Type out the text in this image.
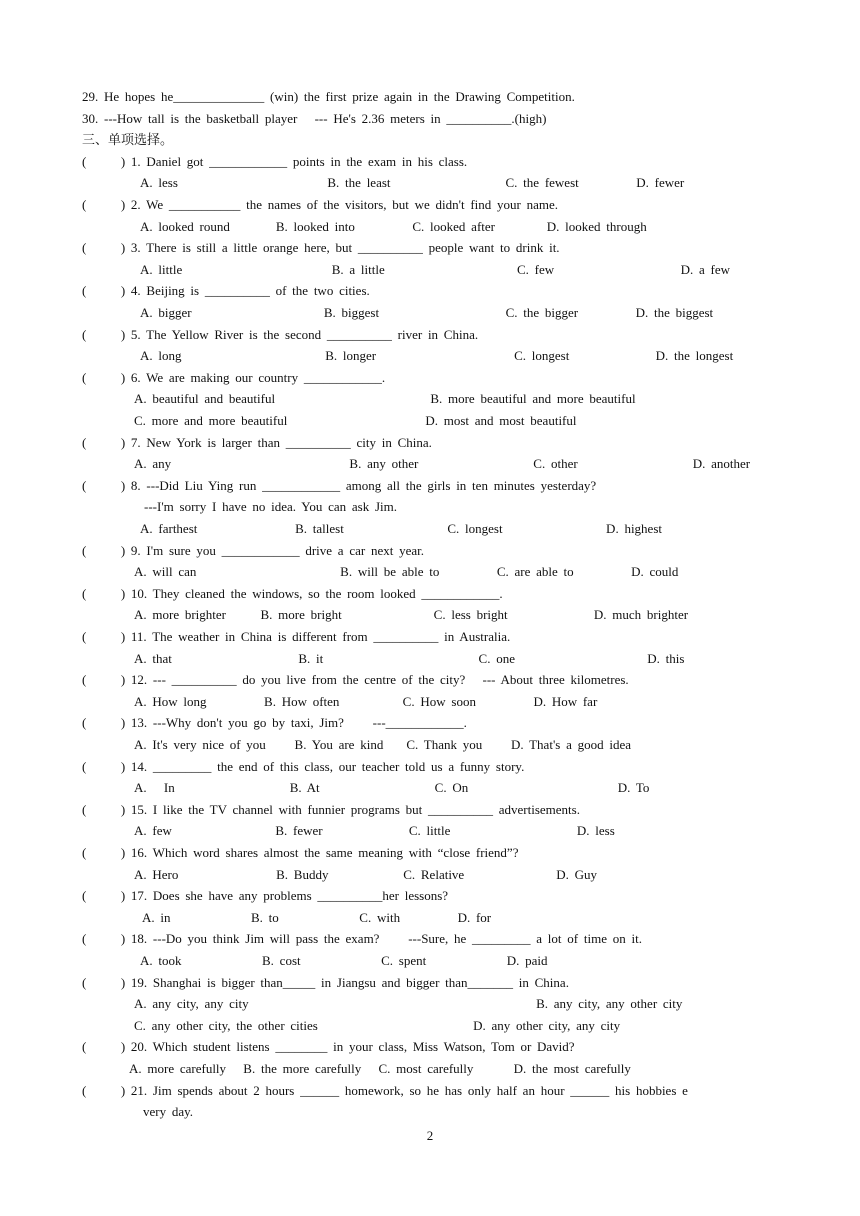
29. He hopes he______________ (win) the first prize again in the Drawing Competition.
30. ---How tall is the basketball player   --- He's 2.36 meters in __________.(high)
三、单项选择。
(      ) 1. Daniel got ____________ points in the exam in his class.
A. less                          B. the least                    C. the fewest          D. fewer
(      ) 2. We ___________ the names of the visitors, but we didn't find your name.
A. looked round        B. looked into          C. looked after         D. looked through
(      ) 3. There is still a little orange here, but __________ people want to drink it.
A. little                          B. a little                       C. few                      D. a few
(      ) 4. Beijing is __________ of the two cities.
A. bigger                       B. biggest                      C. the bigger          D. the biggest
(      ) 5. The Yellow River is the second __________ river in China.
A. long                         B. longer                        C. longest               D. the longest
(      ) 6. We are making our country ____________.
A. beautiful and beautiful                           B. more beautiful and more beautiful
C. more and more beautiful                        D. most and most beautiful
(      ) 7. New York is larger than __________ city in China.
A. any                               B. any other                    C. other                    D. another
(      ) 8. ---Did Liu Ying run ____________ among all the girls in ten minutes yesterday?
---I'm sorry I have no idea. You can ask Jim.
A. farthest                 B. tallest                  C. longest                  D. highest
(      ) 9. I'm sure you ____________ drive a car next year.
A. will can                         B. will be able to          C. are able to          D. could
(      ) 10. They cleaned the windows, so the room looked ____________.
A. more brighter      B. more bright                C. less bright               D. much brighter
(      ) 11. The weather in China is different from __________ in Australia.
A. that                      B. it                           C. one                       D. this
(      ) 12. --- __________ do you live from the centre of the city?   --- About three kilometres.
A. How long          B. How often           C. How soon          D. How far
(      ) 13. ---Why don't you go by taxi, Jim?     ---____________.
A. It's very nice of you     B. You are kind    C. Thank you     D. That's a good idea
(      ) 14. _________ the end of this class, our teacher told us a funny story.
A.   In                    B. At                    C. On                          D. To
(      ) 15. I like the TV channel with funnier programs but __________ advertisements.
A. few                  B. fewer               C. little                      D. less
(      ) 16. Which word shares almost the same meaning with “close friend”?
A. Hero                 B. Buddy             C. Relative                D. Guy
(      ) 17. Does she have any problems __________her lessons?
A. in              B. to              C. with          D. for
(      ) 18. ---Do you think Jim will pass the exam?     ---Sure, he _________ a lot of time on it.
A. took              B. cost              C. spent              D. paid
(      ) 19. Shanghai is bigger than_____ in Jiangsu and bigger than_______ in China.
A. any city, any city                                                  B. any city, any other city
C. any other city, the other cities                           D. any other city, any city
(      ) 20. Which student listens ________ in your class, Miss Watson, Tom or David?
A. more carefully   B. the more carefully   C. most carefully       D. the most carefully
(      ) 21. Jim spends about 2 hours ______ homework, so he has only half an hour ______ his hobbies e
very day.
2
